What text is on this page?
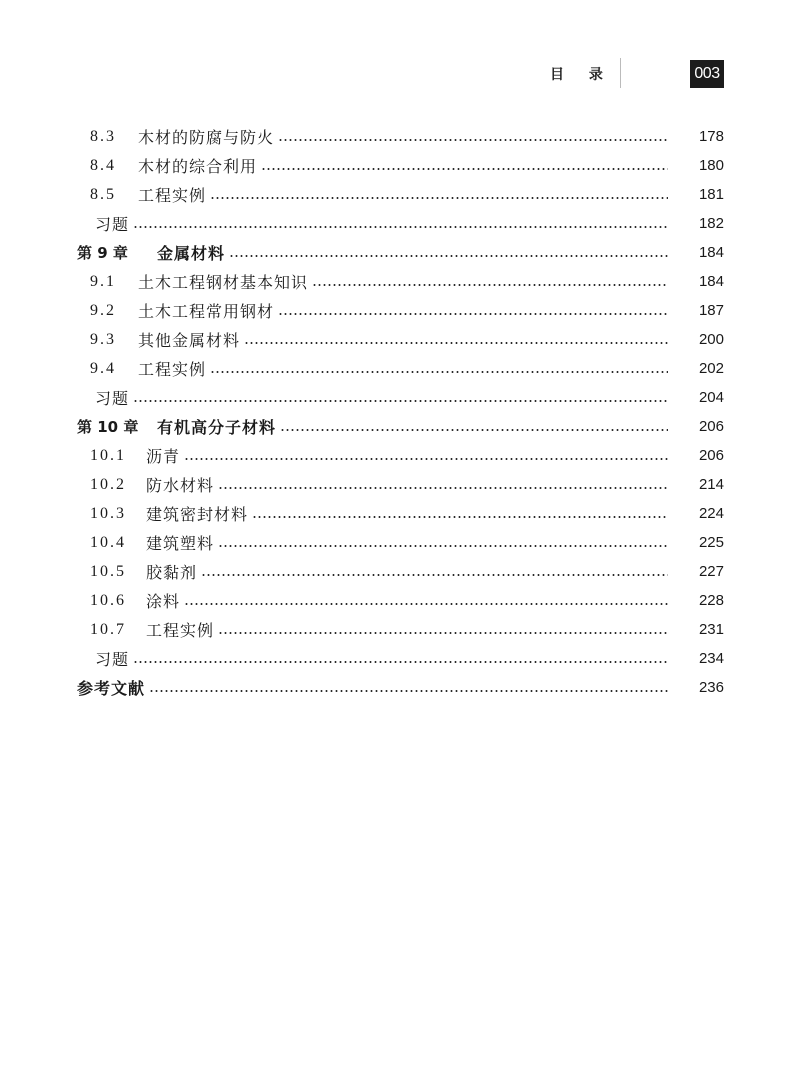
目 录	003
8.3	木材的防腐与防火	178
8.4	木材的综合利用	180
8.5	工程实例	181
习题	182
第 9 章	金属材料	184
9.1	土木工程钢材基本知识	184
9.2	土木工程常用钢材	187
9.3	其他金属材料	200
9.4	工程实例	202
习题	204
第 10 章	有机高分子材料	206
10.1	沥青	206
10.2	防水材料	214
10.3	建筑密封材料	224
10.4	建筑塑料	225
10.5	胶黏剂	227
10.6	涂料	228
10.7	工程实例	231
习题	234
参考文献	236
